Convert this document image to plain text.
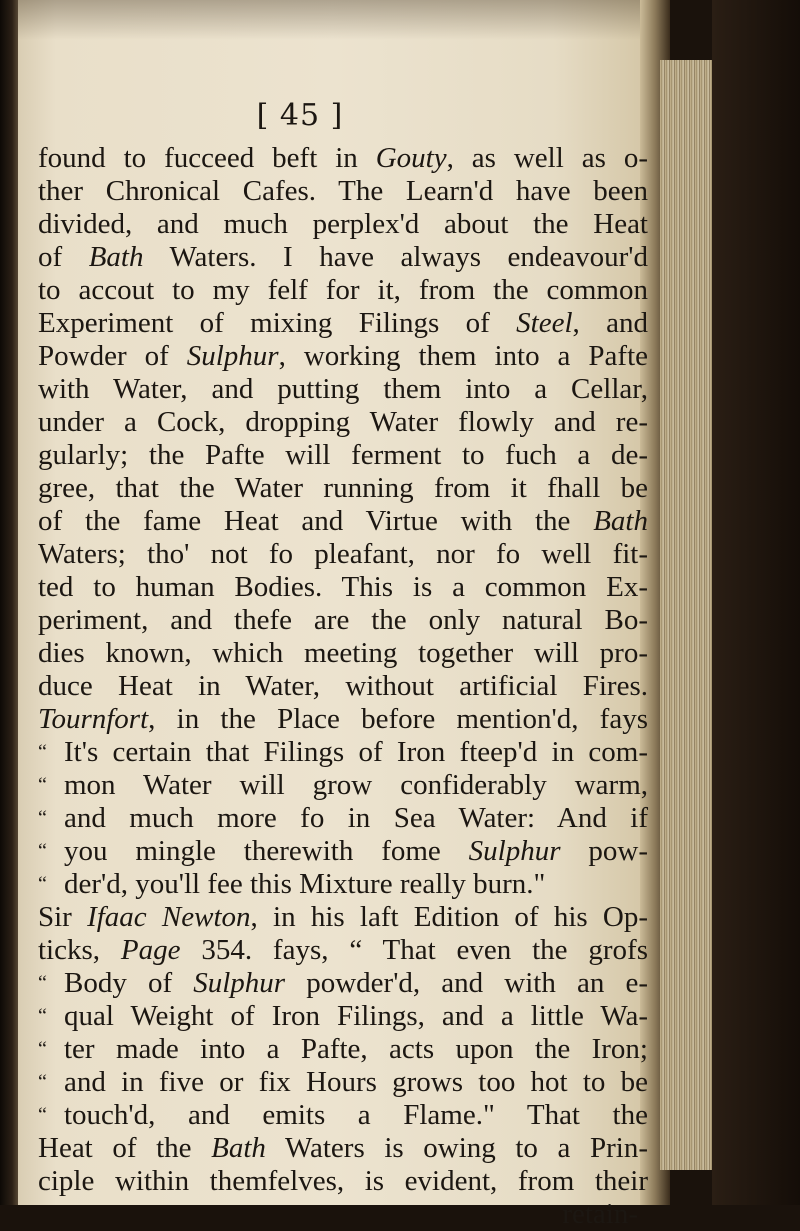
[ 45 ]
found to fucceed beft in Gouty, as well as o-
ther Chronical Cafes. The Learn'd have been
divided, and much perplex'd about the Heat
of Bath Waters. I have always endeavour'd
to accout to my felf for it, from the common
Experiment of mixing Filings of Steel, and
Powder of Sulphur, working them into a Pafte
with Water, and putting them into a Cellar,
under a Cock, dropping Water flowly and re-
gularly; the Pafte will ferment to fuch a de-
gree, that the Water running from it fhall be
of the fame Heat and Virtue with the Bath
Waters; tho' not fo pleafant, nor fo well fit-
ted to human Bodies. This is a common Ex-
periment, and thefe are the only natural Bo-
dies known, which meeting together will pro-
duce Heat in Water, without artificial Fires.
Tournfort, in the Place before mention'd, fays
“ It's certain that Filings of Iron fteep'd in com-
“ mon Water will grow confiderably warm,
“ and much more fo in Sea Water: And if
“ you mingle therewith fome Sulphur pow-
“ der'd, you'll fee this Mixture really burn."
Sir Ifaac Newton, in his laft Edition of his Op-
ticks, Page 354. fays, “ That even the grofs
“ Body of Sulphur powder'd, and with an e-
“ qual Weight of Iron Filings, and a little Wa-
“ ter made into a Pafte, acts upon the Iron;
“ and in five or fix Hours grows too hot to be
“ touch'd, and emits a Flame." That the
Heat of the Bath Waters is owing to a Prin-
ciple within themfelves, is evident, from their
retain-
